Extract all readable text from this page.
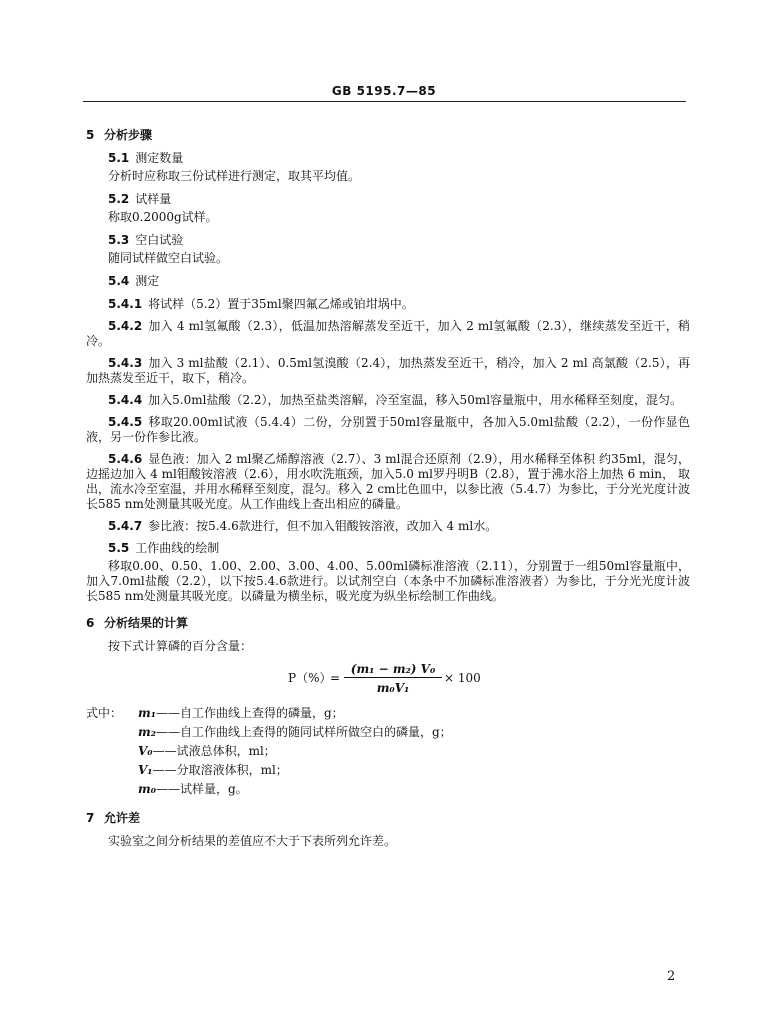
GB 5195.7—85
5 分析步骤
5.1 测定数量
分析时应称取三份试样进行测定，取其平均值。
5.2 试样量
称取0.2000g试样。
5.3 空白试验
随同试样做空白试验。
5.4 测定
5.4.1 将试样（5.2）置于35ml聚四氟乙烯或铂坩埚中。
5.4.2 加入 4 ml氢氟酸（2.3），低温加热溶解蒸发至近干，加入 2 ml氢氟酸（2.3），继续蒸发至近干，稍冷。
5.4.3 加入 3 ml盐酸（2.1）、0.5ml氢溴酸（2.4），加热蒸发至近干，稍冷，加入 2 ml 高氯酸（2.5），再加热蒸发至近干，取下，稍冷。
5.4.4 加入5.0ml盐酸（2.2），加热至盐类溶解，冷至室温，移入50ml容量瓶中，用水稀释至刻度，混匀。
5.4.5 移取20.00ml试液（5.4.4）二份，分别置于50ml容量瓶中，各加入5.0ml盐酸（2.2），一份作显色液，另一份作参比液。
5.4.6 显色液：加入 2 ml聚乙烯醇溶液（2.7）、3 ml混合还原剂（2.9），用水稀释至体积 约35ml，混匀，边摇边加入 4 ml钼酸铵溶液（2.6），用水吹洗瓶颈，加入5.0 ml罗丹明B（2.8），置于沸水浴上加热 6 min， 取出，流水冷至室温，并用水稀释至刻度，混匀。移入 2 cm比色皿中，以参比液（5.4.7）为参比，于分光光度计波长585 nm处测量其吸光度。从工作曲线上查出相应的磷量。
5.4.7 参比液：按5.4.6款进行，但不加入钼酸铵溶液，改加入 4 ml水。
5.5 工作曲线的绘制
移取0.00、0.50、1.00、2.00、3.00、4.00、5.00ml磷标准溶液（2.11），分别置于一组50ml容量瓶中，加入7.0ml盐酸（2.2），以下按5.4.6款进行。以试剂空白（本条中不加磷标准溶液者）为参比，于分光光度计波长585 nm处测量其吸光度。以磷量为横坐标，吸光度为纵坐标绘制工作曲线。
6 分析结果的计算
按下式计算磷的百分含量：
P（%）
=
(m₁ − m₂) V₀
m₀V₁
× 100
式中： m₁——自工作曲线上查得的磷量，g；
m₂——自工作曲线上查得的随同试样所做空白的磷量，g；
V₀——试液总体积，ml；
V₁——分取溶液体积，ml；
m₀——试样量，g。
7 允许差
实验室之间分析结果的差值应不大于下表所列允许差。
2
